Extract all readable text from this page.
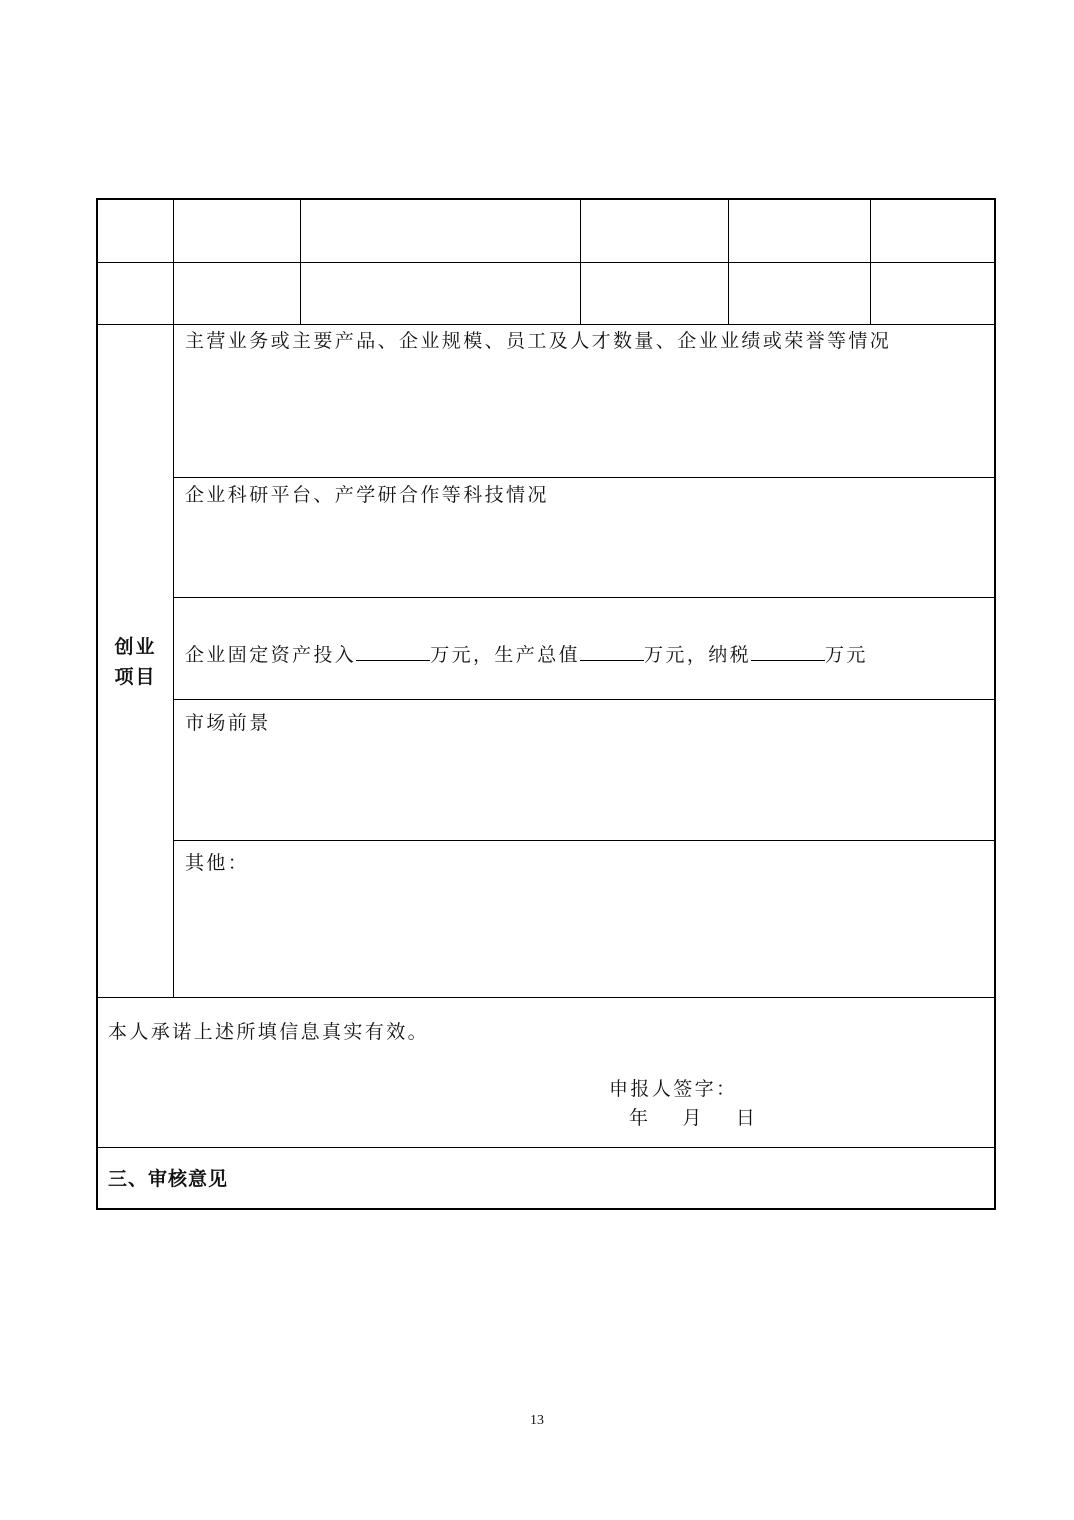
创业
项目
主营业务或主要产品、企业规模、员工及人才数量、企业业绩或荣誉等情况
企业科研平台、产学研合作等科技情况
企业固定资产投入	万元，生产总值	万元，纳税	万元
市场前景
其他：
本人承诺上述所填信息真实有效。
申报人签字：
年 月 日
三、审核意见
13
